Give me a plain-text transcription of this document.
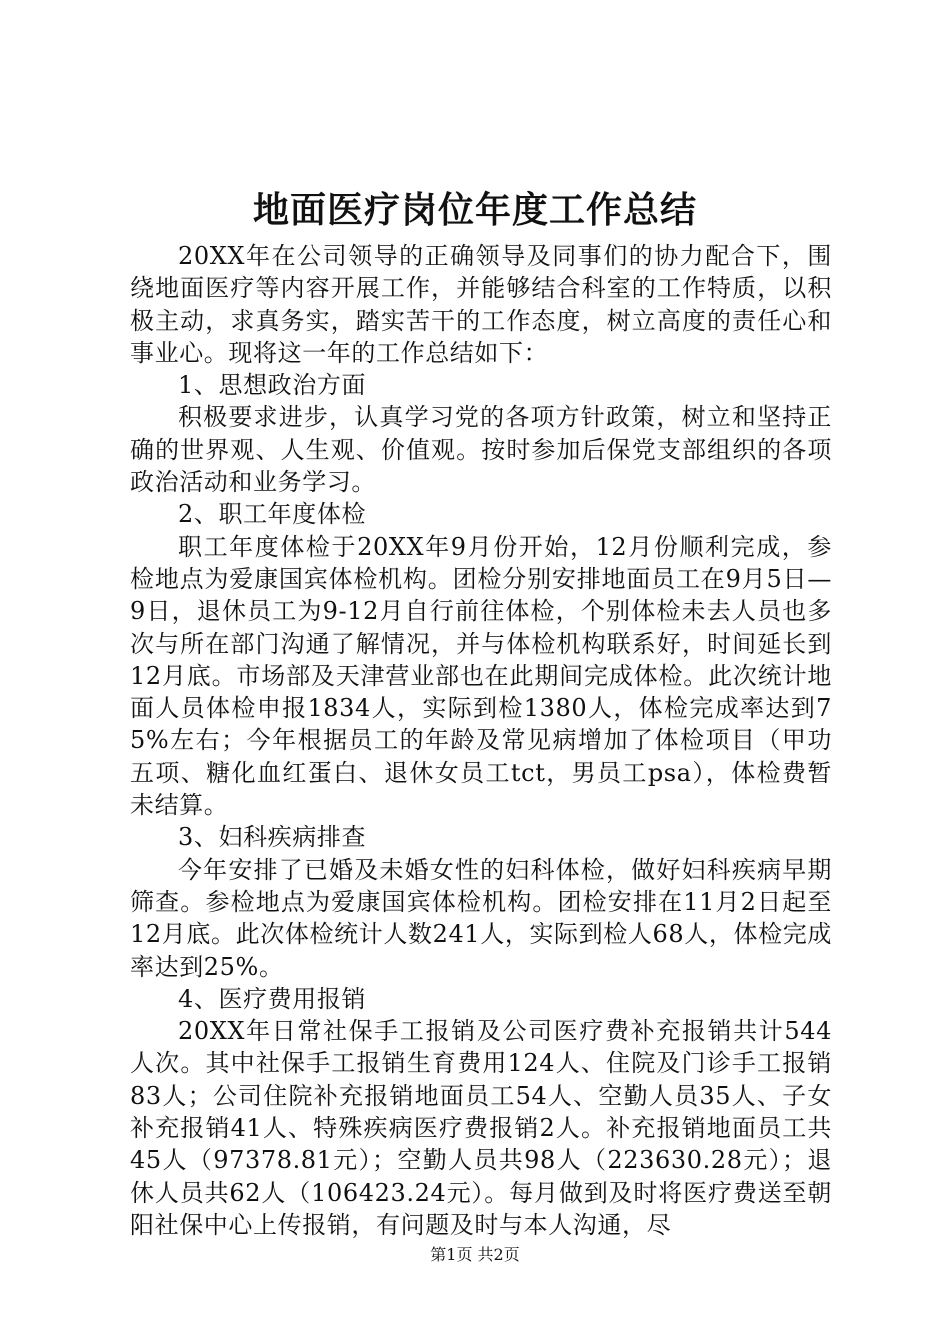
地面医疗岗位年度工作总结

20XX年在公司领导的正确领导及同事们的协力配合下，围绕地面医疗等内容开展工作，并能够结合科室的工作特质，以积极主动，求真务实，踏实苦干的工作态度，树立高度的责任心和事业心。现将这一年的工作总结如下：

1、思想政治方面

积极要求进步，认真学习党的各项方针政策，树立和坚持正确的世界观、人生观、价值观。按时参加后保党支部组织的各项政治活动和业务学习。

2、职工年度体检

职工年度体检于20XX年9月份开始，12月份顺利完成，参检地点为爱康国宾体检机构。团检分别安排地面员工在9月5日—9日，退休员工为9-12月自行前往体检，个别体检未去人员也多次与所在部门沟通了解情况，并与体检机构联系好，时间延长到12月底。市场部及天津营业部也在此期间完成体检。此次统计地面人员体检申报1834人，实际到检1380人，体检完成率达到75%左右；今年根据员工的年龄及常见病增加了体检项目（甲功五项、糖化血红蛋白、退休女员工tct，男员工psa），体检费暂未结算。

3、妇科疾病排查

今年安排了已婚及未婚女性的妇科体检，做好妇科疾病早期筛查。参检地点为爱康国宾体检机构。团检安排在11月2日起至12月底。此次体检统计人数241人，实际到检人68人，体检完成率达到25%。

4、医疗费用报销

20XX年日常社保手工报销及公司医疗费补充报销共计544人次。其中社保手工报销生育费用124人、住院及门诊手工报销83人；公司住院补充报销地面员工54人、空勤人员35人、子女补充报销41人、特殊疾病医疗费报销2人。补充报销地面员工共45人（97378.81元）；空勤人员共98人（223630.28元）；退休人员共62人（106423.24元）。每月做到及时将医疗费送至朝阳社保中心上传报销，有问题及时与本人沟通，尽

第1页 共2页
